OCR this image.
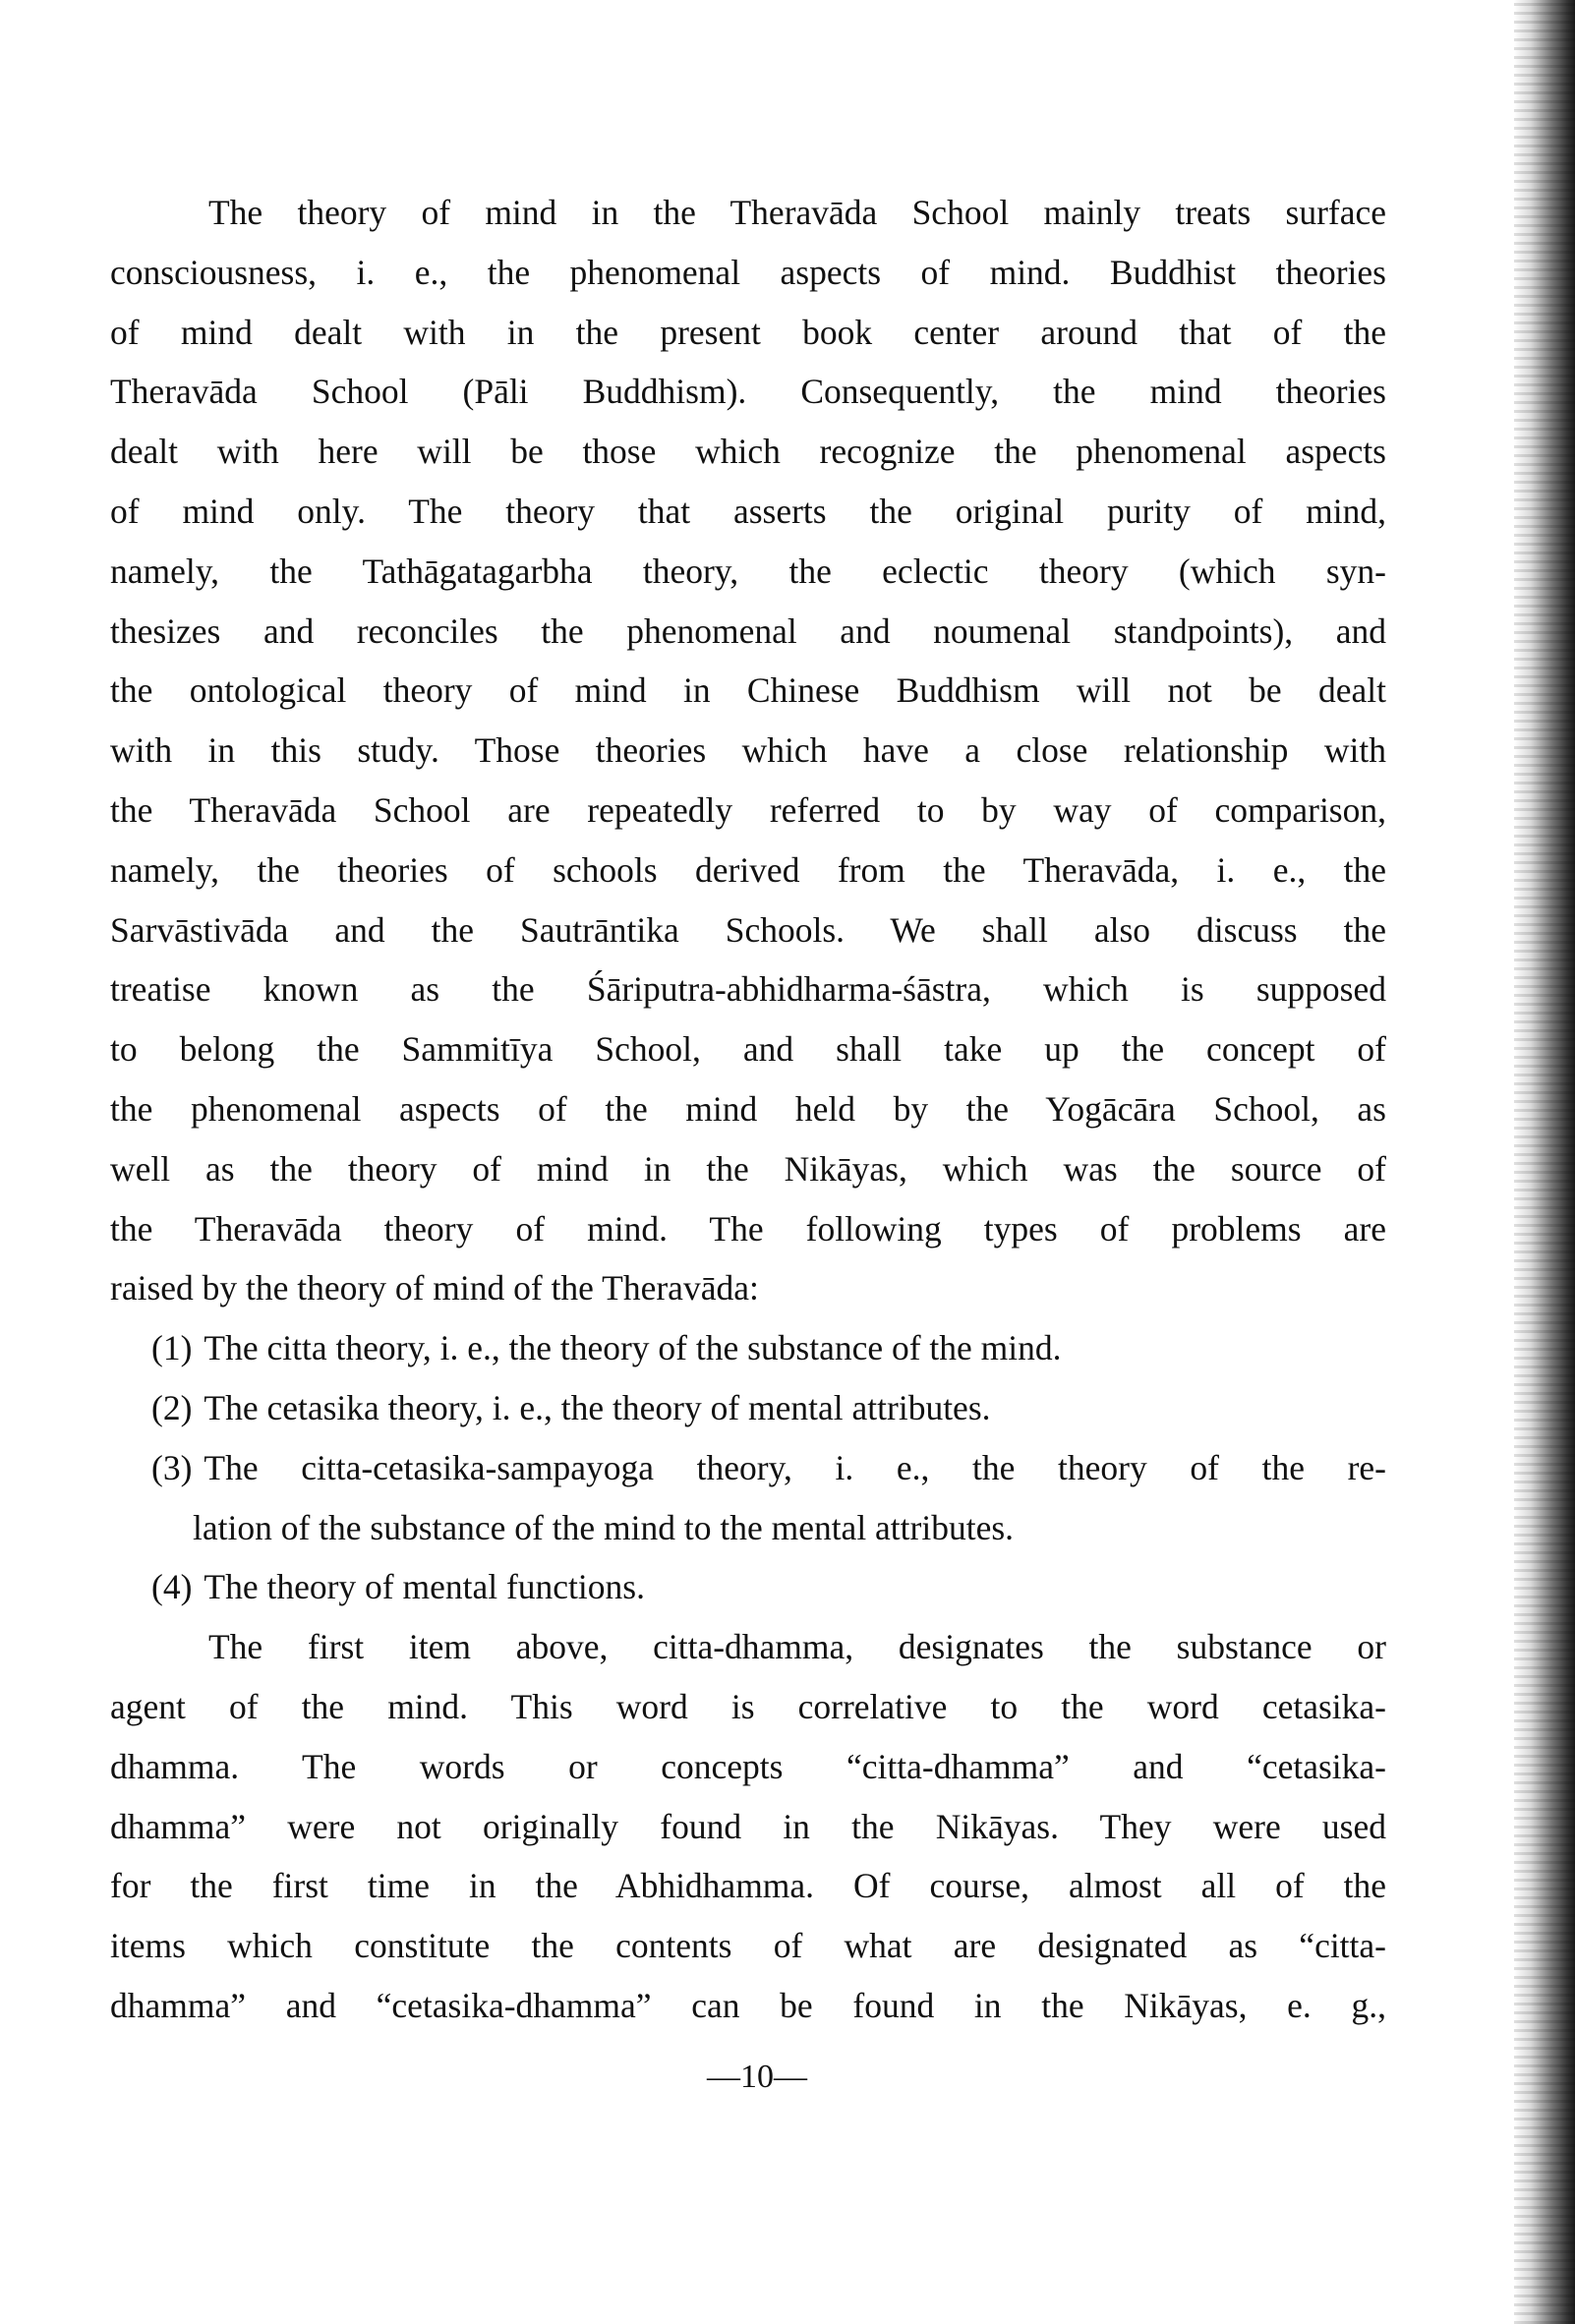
The theory of mind in the Theravāda School mainly treats surface
consciousness, i. e., the phenomenal aspects of mind. Buddhist theories
of mind dealt with in the present book center around that of the
Theravāda School (Pāli Buddhism). Consequently, the mind theories
dealt with here will be those which recognize the phenomenal aspects
of mind only. The theory that asserts the original purity of mind,
namely, the Tathāgatagarbha theory, the eclectic theory (which syn-
thesizes and reconciles the phenomenal and noumenal standpoints), and
the ontological theory of mind in Chinese Buddhism will not be dealt
with in this study. Those theories which have a close relationship with
the Theravāda School are repeatedly referred to by way of comparison,
namely, the theories of schools derived from the Theravāda, i. e., the
Sarvāstivāda and the Sautrāntika Schools. We shall also discuss the
treatise known as the Śāriputra-abhidharma-śāstra, which is supposed
to belong the Sammitīya School, and shall take up the concept of
the phenomenal aspects of the mind held by the Yogācāra School, as
well as the theory of mind in the Nikāyas, which was the source of
the Theravāda theory of mind. The following types of problems are
raised by the theory of mind of the Theravāda:

(1) The citta theory, i. e., the theory of the substance of the mind.
(2) The cetasika theory, i. e., the theory of mental attributes.
(3) The citta-cetasika-sampayoga theory, i. e., the theory of the re-
lation of the substance of the mind to the mental attributes.
(4) The theory of mental functions.

The first item above, citta-dhamma, designates the substance or
agent of the mind. This word is correlative to the word cetasika-
dhamma. The words or concepts “citta-dhamma” and “cetasika-
dhamma” were not originally found in the Nikāyas. They were used
for the first time in the Abhidhamma. Of course, almost all of the
items which constitute the contents of what are designated as “citta-
dhamma” and “cetasika-dhamma” can be found in the Nikāyas, e. g.,

—10—
